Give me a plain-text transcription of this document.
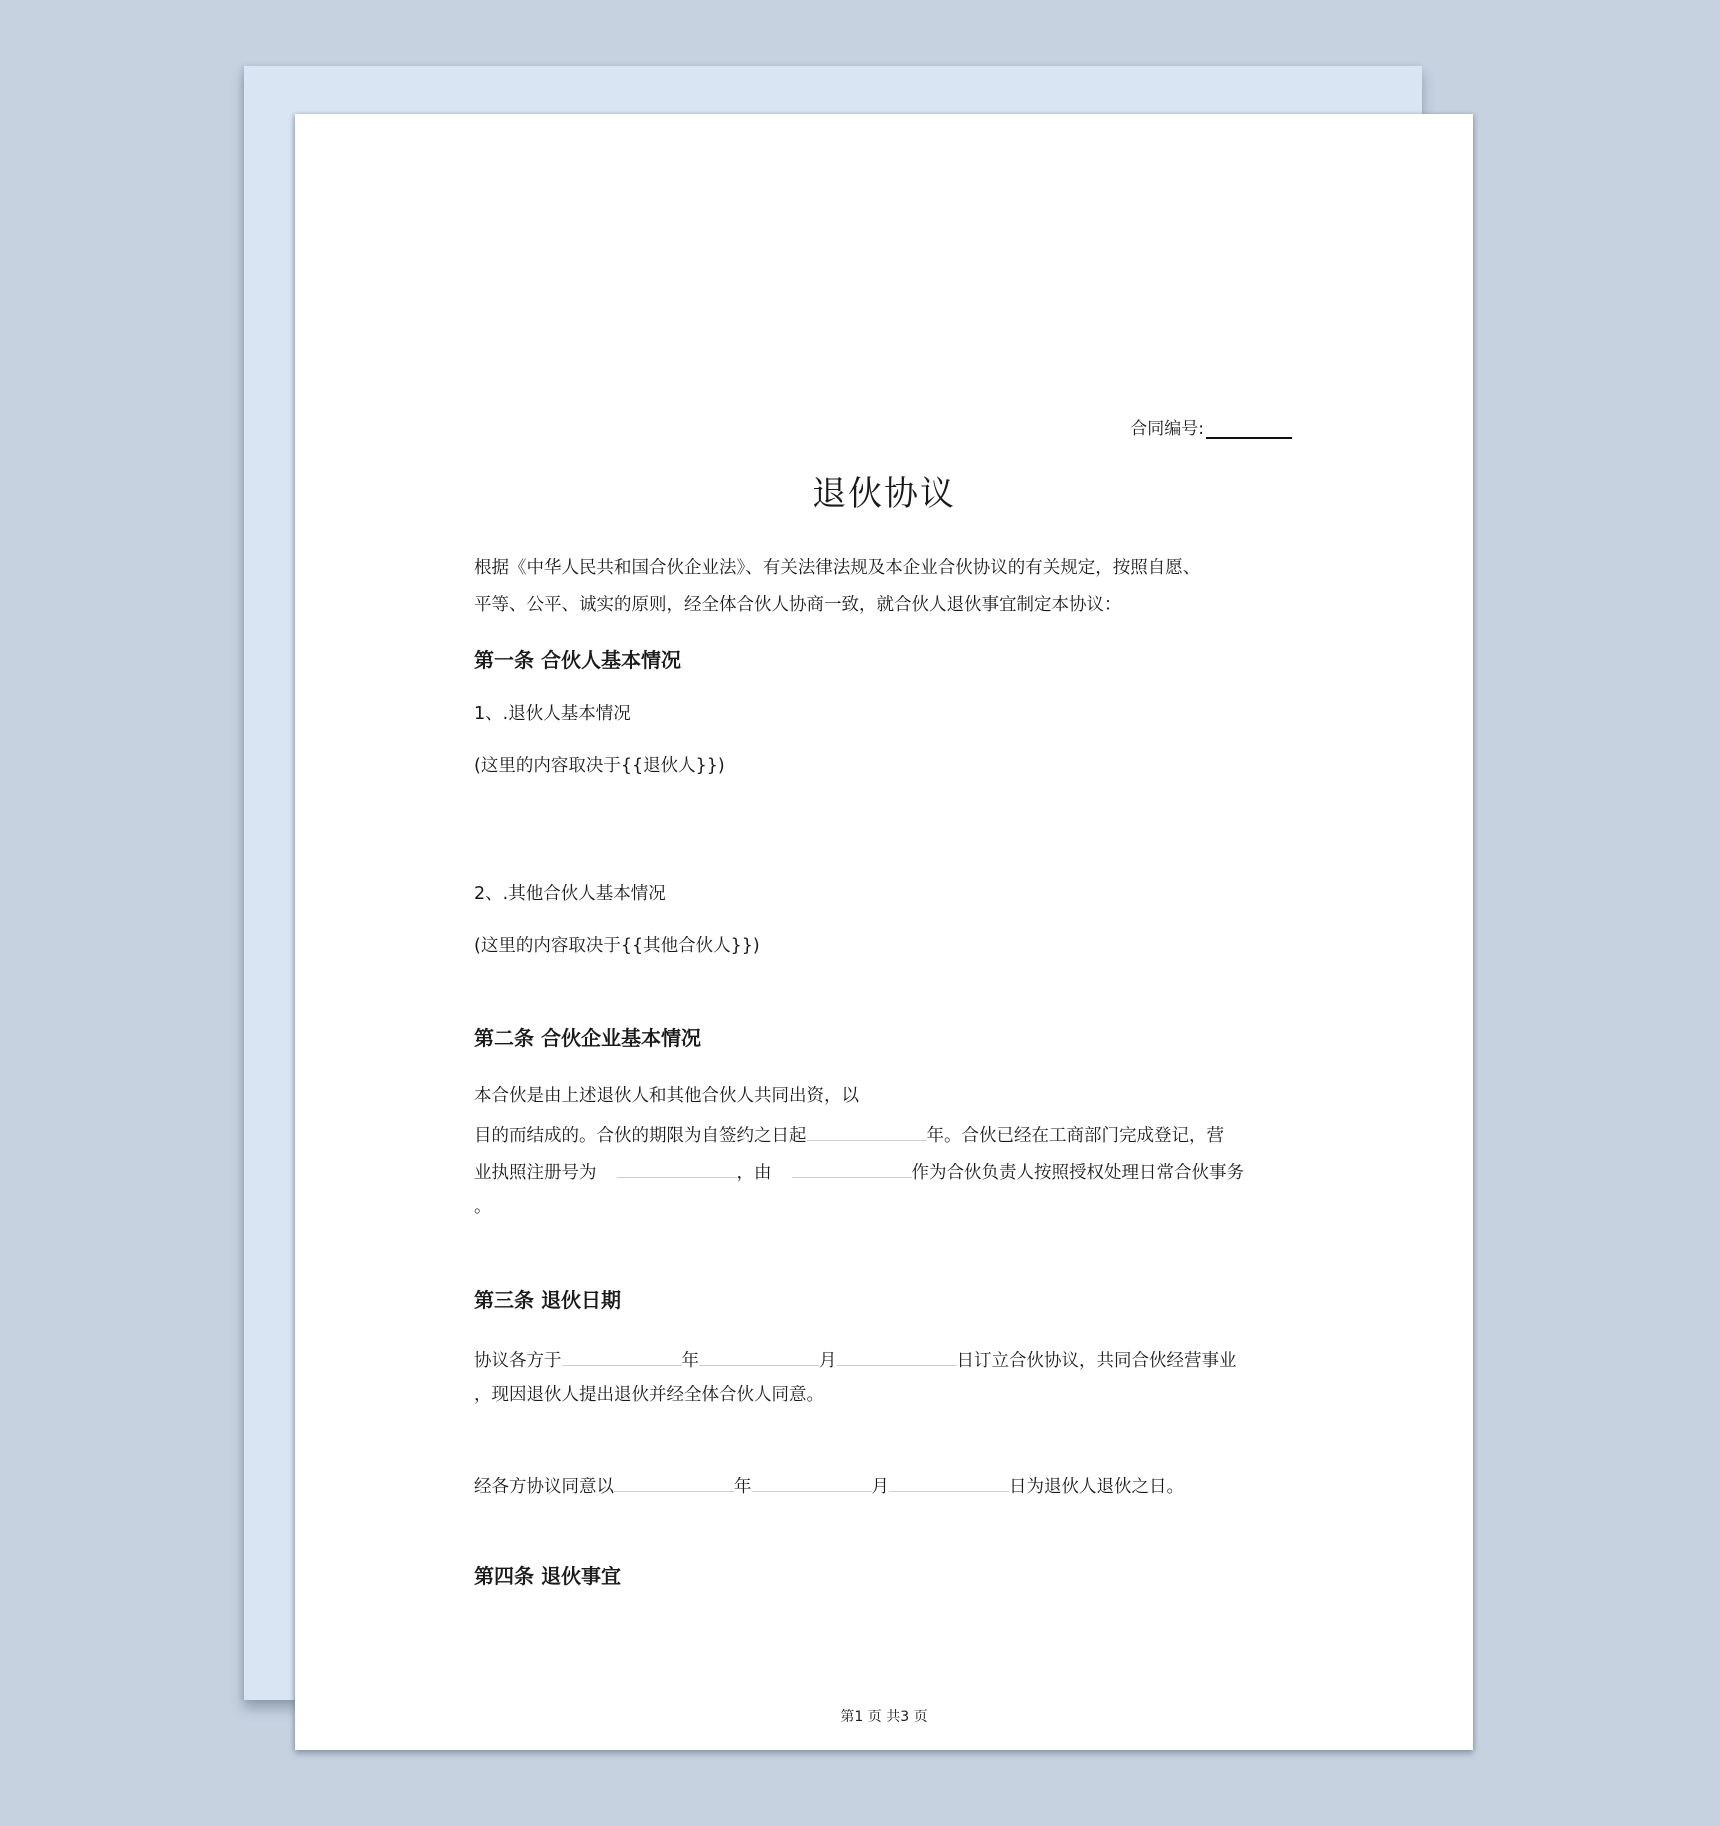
合同编号:
退伙协议
根据《中华人民共和国合伙企业法》、有关法律法规及本企业合伙协议的有关规定，按照自愿、
平等、公平、诚实的原则，经全体合伙人协商一致，就合伙人退伙事宜制定本协议：
第一条 合伙人基本情况
1、.退伙人基本情况
(这里的内容取决于{{退伙人}})
2、.其他合伙人基本情况
(这里的内容取决于{{其他合伙人}})
第二条 合伙企业基本情况
本合伙是由上述退伙人和其他合伙人共同出资，以
目的而结成的。合伙的期限为自签约之日起	年。合伙已经在工商部门完成登记，营
业执照注册号为	，由	作为合伙负责人按照授权处理日常合伙事务
。
第三条 退伙日期
协议各方于	年	月	日订立合伙协议，共同合伙经营事业
，现因退伙人提出退伙并经全体合伙人同意。
经各方协议同意以	年	月	日为退伙人退伙之日。
第四条 退伙事宜
第1 页 共3 页
